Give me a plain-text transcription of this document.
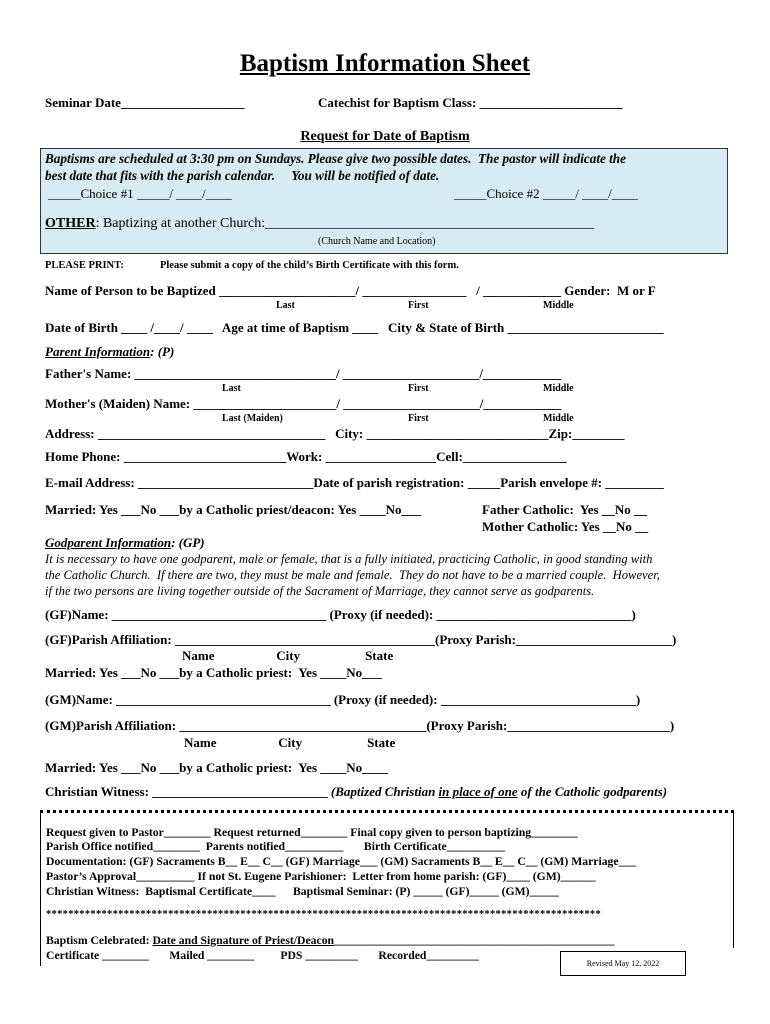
Baptism Information Sheet
Seminar Date___________________	Catechist for Baptism Class: ______________________
Request for Date of Baptism
Baptisms are scheduled at 3:30 pm on Sundays. Please give two possible dates.  The pastor will indicate the
best date that fits with the parish calendar.     You will be notified of date.
_____Choice #1 _____/ ____/____	_____Choice #2 _____/ ____/____
OTHER: Baptizing at another Church:_______________________________________________
(Church Name and Location)
PLEASE PRINT:	Please submit a copy of the child’s Birth Certificate with this form.
Name of Person to be Baptized _____________________/ ________________   / ____________ Gender:  M or F
Last	First	Middle
Date of Birth ____ /____/ ____   Age at time of Baptism ____   City & State of Birth ________________________
Parent Information: (P)
Father's Name: _______________________________/ _____________________/____________
Last	First	Middle
Mother's (Maiden) Name: ______________________/ _____________________/____________
Last (Maiden)	First	Middle
Address: ___________________________________   City: ____________________________Zip:________
Home Phone: _________________________Work: _________________Cell:________________
E-mail Address: ___________________________Date of parish registration: _____Parish envelope #: _________
Married: Yes ___No ___by a Catholic priest/deacon: Yes ____No___	Father Catholic:  Yes __No __
Mother Catholic: Yes __No __
Godparent Information: (GP)
It is necessary to have one godparent, male or female, that is a fully initiated, practicing Catholic, in good standing with
the Catholic Church.  If there are two, they must be male and female.  They do not have to be a married couple.  However,
if the two persons are living together outside of the Sacrament of Marriage, they cannot serve as godparents.
(GF)Name: _________________________________ (Proxy (if needed): ______________________________)
(GF)Parish Affiliation: ________________________________________(Proxy Parish:________________________)
Name                   City                    State
Married: Yes ___No ___by a Catholic priest:  Yes ____No___
(GM)Name: _________________________________ (Proxy (if needed): ______________________________)
(GM)Parish Affiliation: ______________________________________(Proxy Parish:_________________________)
Name                   City                    State
Married: Yes ___No ___by a Catholic priest:  Yes ____No____
Christian Witness: ___________________________ (Baptized Christian in place of one of the Catholic godparents)
Request given to Pastor________ Request returned________ Final copy given to person baptizing________
Parish Office notified________  Parents notified__________       Birth Certificate__________
Documentation: (GF) Sacraments B__ E__ C__ (GF) Marriage___ (GM) Sacraments B__ E__ C__ (GM) Marriage___
Pastor’s Approval__________ If not St. Eugene Parishioner:  Letter from home parish: (GF)____ (GM)______
Christian Witness:  Baptismal Certificate____      Baptismal Seminar: (P) _____ (GF)_____ (GM)_____
****************************************************************************************************
Baptism Celebrated: Date and Signature of Priest/Deacon________________________________________________
Certificate ________       Mailed ________         PDS _________       Recorded_________
Revised May 12, 2022
